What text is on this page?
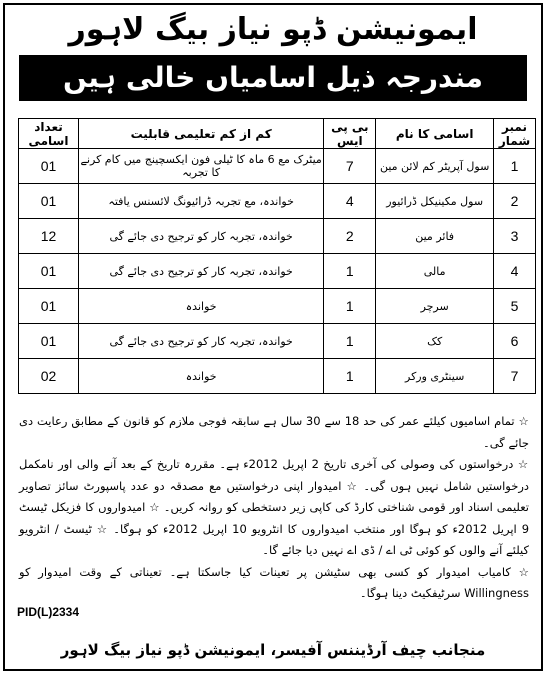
ایمونیشن ڈپو نیاز بیگ لاہور
مندرجہ ذیل اسامیاں خالی ہیں
نمبر شمار	اسامی کا نام	بی پی ایس	کم از کم تعلیمی قابلیت	تعداد اسامی
1	سول آپریٹر کم لائن مین	7	میٹرک مع 6 ماہ کا ٹیلی فون ایکسچینج میں کام کرنے کا تجربہ	01
2	سول مکینیکل ڈرائیور	4	خواندہ، مع تجربہ ڈرائیونگ لائسنس یافتہ	01
3	فائر مین	2	خواندہ، تجربہ کار کو ترجیح دی جائے گی	12
4	مالی	1	خواندہ، تجربہ کار کو ترجیح دی جائے گی	01
5	سرچر	1	خواندہ	01
6	کک	1	خواندہ، تجربہ کار کو ترجیح دی جائے گی	01
7	سینٹری ورکر	1	خواندہ	02

☆ تمام اسامیوں کیلئے عمر کی حد 18 سے 30 سال ہے سابقہ فوجی ملازم کو قانون کے مطابق رعایت دی جائے گی۔

☆ درخواستوں کی وصولی کی آخری تاریخ 2 اپریل 2012ء ہے۔ مقررہ تاریخ کے بعد آنے والی اور نامکمل درخواستیں شامل نہیں ہوں گی۔ ☆ امیدوار اپنی درخواستیں مع مصدقہ دو عدد پاسپورٹ سائز تصاویر تعلیمی اسناد اور قومی شناختی کارڈ کی کاپی زیر دستخطی کو روانہ کریں۔ ☆ امیدواروں کا فزیکل ٹیسٹ 9 اپریل 2012ء کو ہوگا اور منتخب امیدواروں کا انٹرویو 10 اپریل 2012ء کو ہوگا۔ ☆ ٹیسٹ / انٹرویو کیلئے آنے والوں کو کوئی ٹی اے / ڈی اے نہیں دیا جائے گا۔

☆ کامیاب امیدوار کو کسی بھی سٹیشن پر تعینات کیا جاسکتا ہے۔ تعیناتی کے وقت امیدوار کو Willingness سرٹیفکیٹ دینا ہوگا۔

PID(L)2334
منجانب چیف آرڈیننس آفیسر، ایمونیشن ڈپو نیاز بیگ لاہور
